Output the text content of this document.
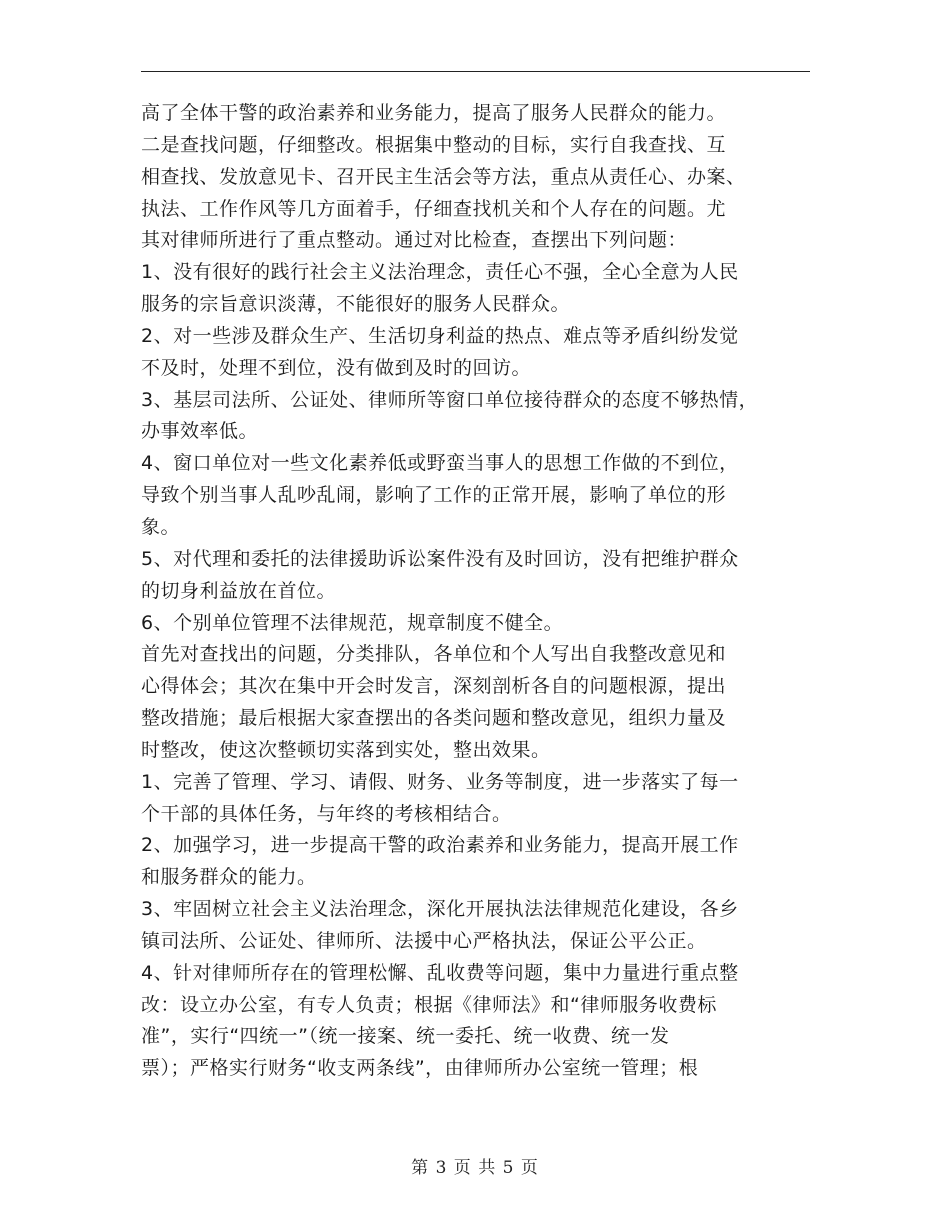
高了全体干警的政治素养和业务能力，提高了服务人民群众的能力。
二是查找问题，仔细整改。根据集中整动的目标，实行自我查找、互
相查找、发放意见卡、召开民主生活会等方法，重点从责任心、办案、
执法、工作作风等几方面着手，仔细查找机关和个人存在的问题。尤
其对律师所进行了重点整动。通过对比检查，查摆出下列问题：
1、没有很好的践行社会主义法治理念，责任心不强，全心全意为人民
服务的宗旨意识淡薄，不能很好的服务人民群众。
2、对一些涉及群众生产、生活切身利益的热点、难点等矛盾纠纷发觉
不及时，处理不到位，没有做到及时的回访。
3、基层司法所、公证处、律师所等窗口单位接待群众的态度不够热情，
办事效率低。
4、窗口单位对一些文化素养低或野蛮当事人的思想工作做的不到位，
导致个别当事人乱吵乱闹，影响了工作的正常开展，影响了单位的形
象。
5、对代理和委托的法律援助诉讼案件没有及时回访，没有把维护群众
的切身利益放在首位。
6、个别单位管理不法律规范，规章制度不健全。
首先对查找出的问题，分类排队，各单位和个人写出自我整改意见和
心得体会；其次在集中开会时发言，深刻剖析各自的问题根源，提出
整改措施；最后根据大家查摆出的各类问题和整改意见，组织力量及
时整改，使这次整顿切实落到实处，整出效果。
1、完善了管理、学习、请假、财务、业务等制度，进一步落实了每一
个干部的具体任务，与年终的考核相结合。
2、加强学习，进一步提高干警的政治素养和业务能力，提高开展工作
和服务群众的能力。
3、牢固树立社会主义法治理念，深化开展执法法律规范化建设，各乡
镇司法所、公证处、律师所、法援中心严格执法，保证公平公正。
4、针对律师所存在的管理松懈、乱收费等问题，集中力量进行重点整
改：设立办公室，有专人负责；根据《律师法》和“律师服务收费标
准”，实行“四统一”（统一接案、统一委托、统一收费、统一发
票）；严格实行财务“收支两条线”，由律师所办公室统一管理；根
第 3 页 共 5 页
